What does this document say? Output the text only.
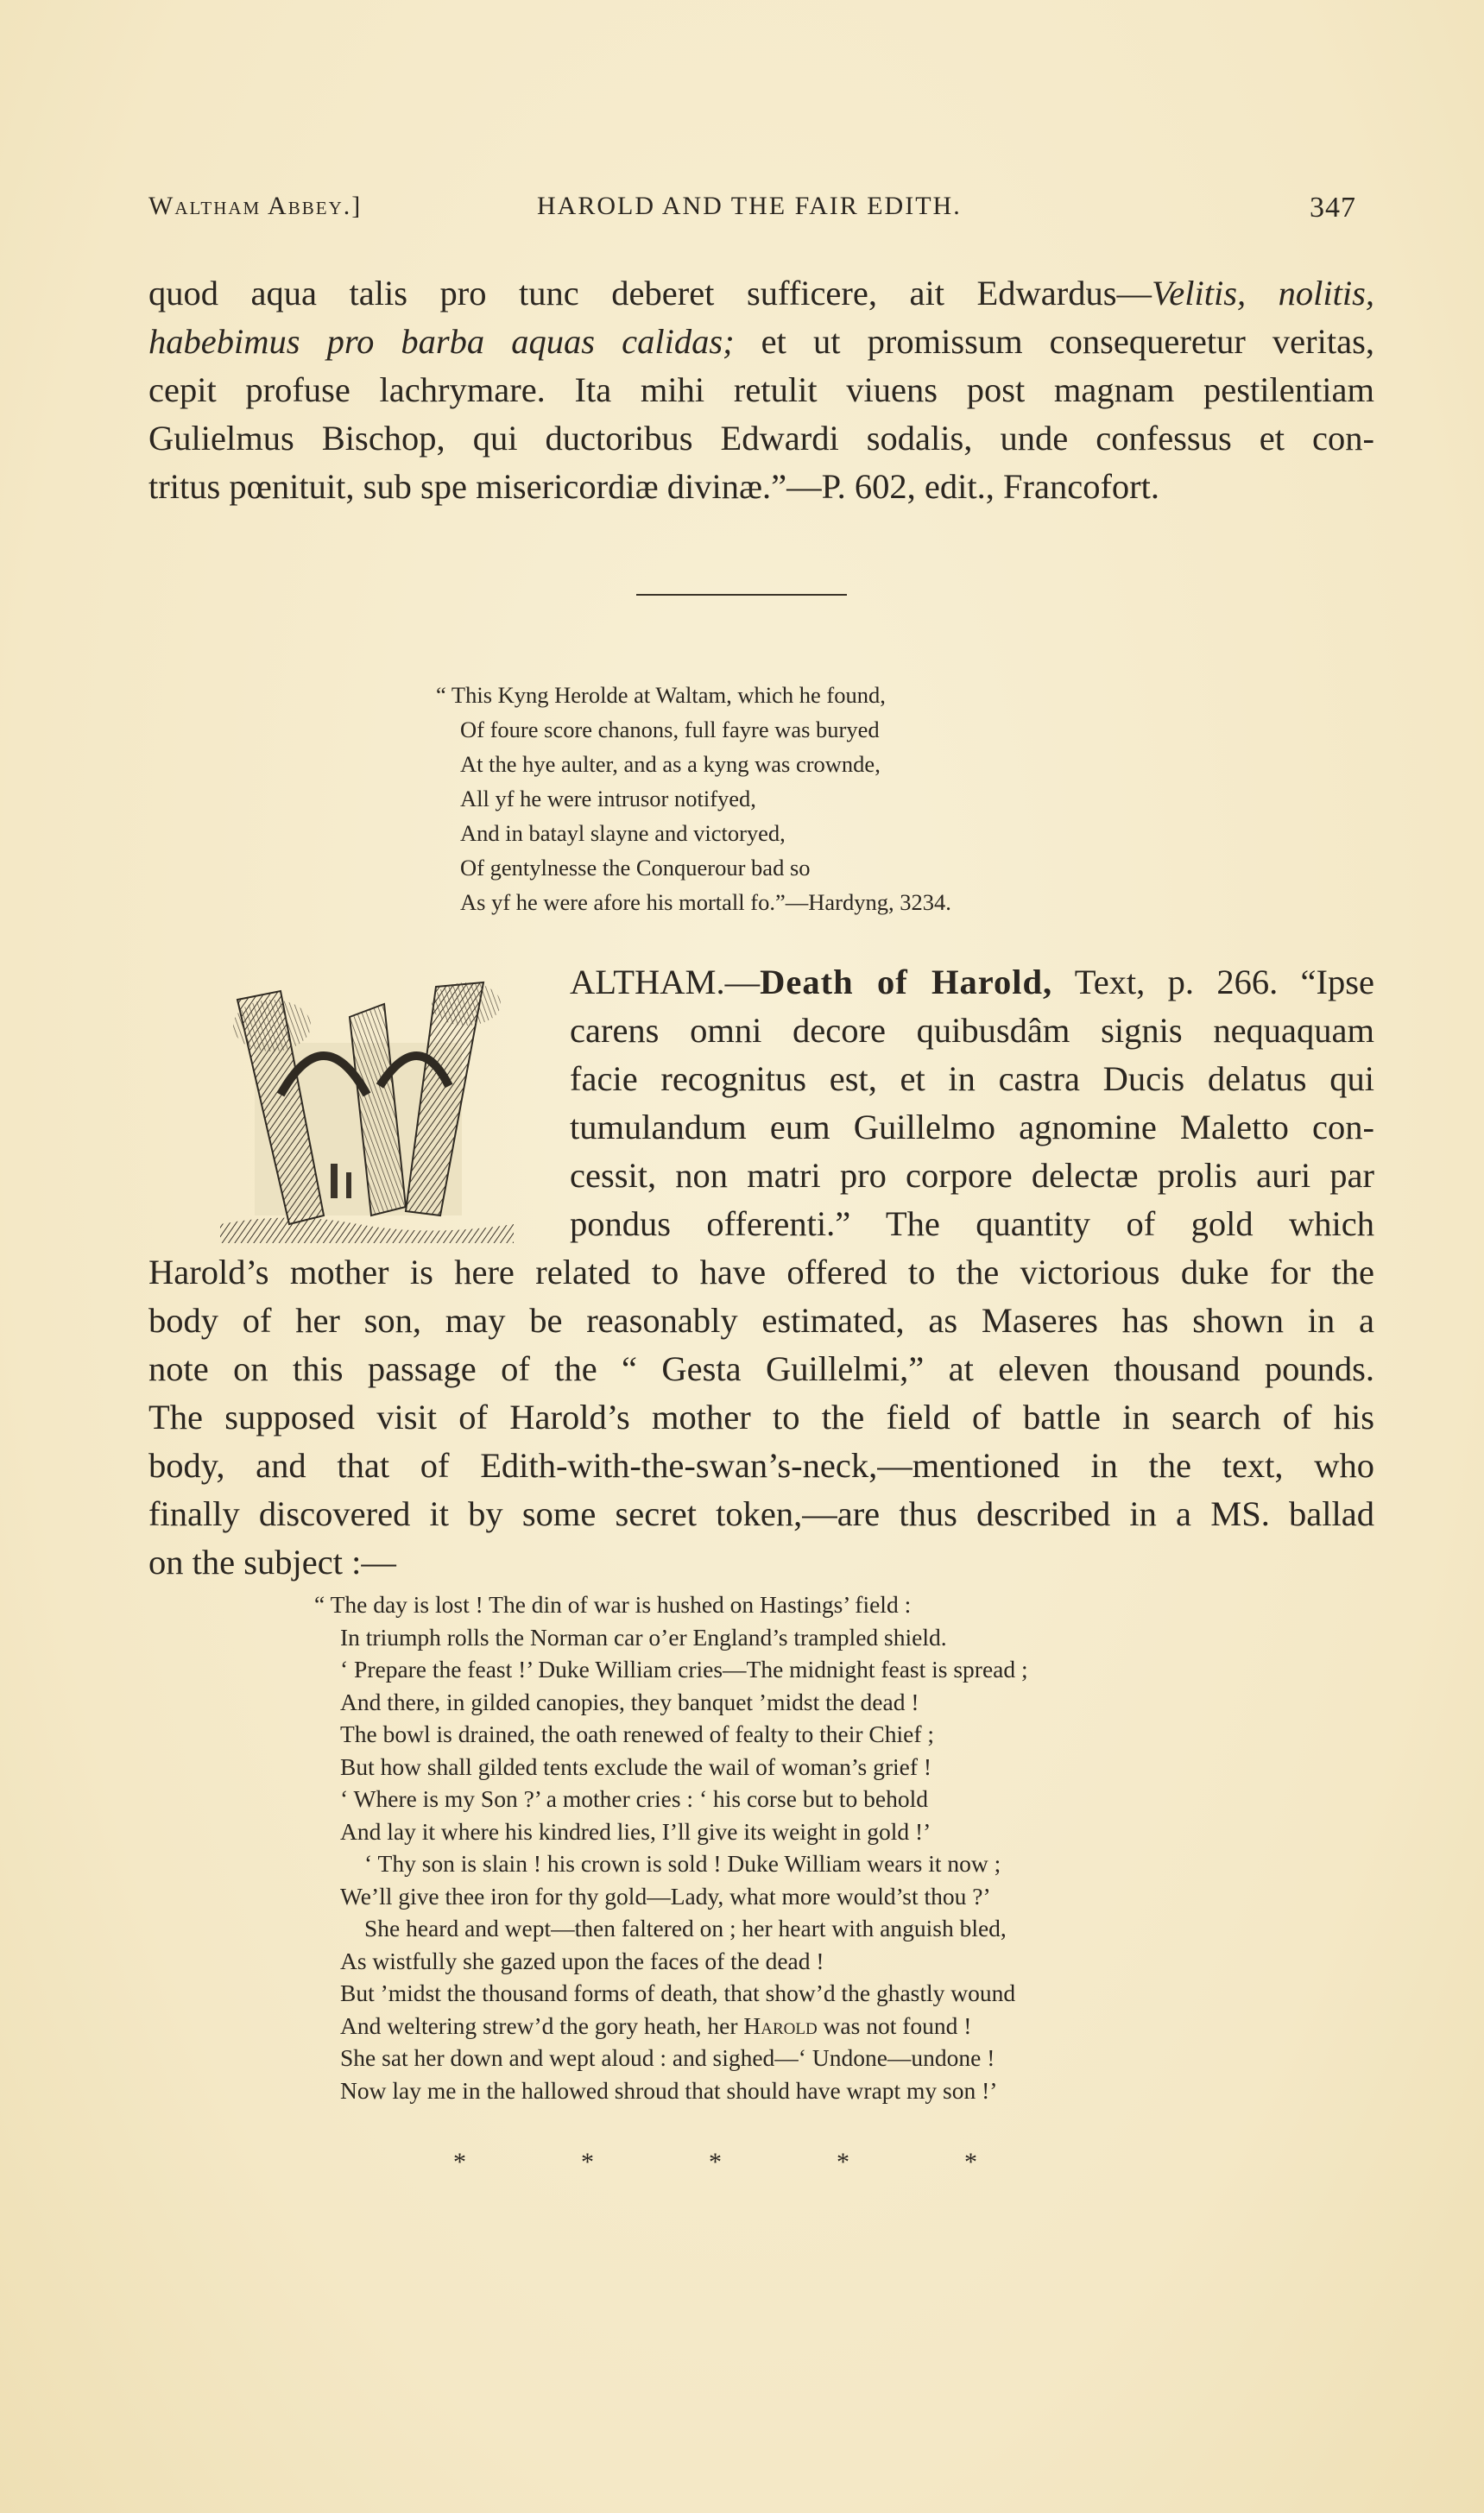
Waltham Abbey.]	HAROLD AND THE FAIR EDITH.	347
quod aqua talis pro tunc deberet sufficere, ait Edwardus—Velitis, nolitis,
habebimus pro barba aquas calidas; et ut promissum consequeretur veritas,
cepit profuse lachrymare. Ita mihi retulit viuens post magnam pestilentiam
Gulielmus Bischop, qui ductoribus Edwardi sodalis, unde confessus et con-
tritus pœnituit, sub spe misericordiæ divinæ.”—P. 602, edit., Francofort.
“ This Kyng Herolde at Waltam, which he found,
Of foure score chanons, full fayre was buryed
At the hye aulter, and as a kyng was crownde,
All yf he were intrusor notifyed,
And in batayl slayne and victoryed,
Of gentylnesse the Conquerour bad so
As yf he were afore his mortall fo.”—Hardyng, 3234.
ALTHAM.—Death of Harold, Text, p. 266. “Ipse
carens omni decore quibusdâm signis nequaquam
facie recognitus est, et in castra Ducis delatus qui
tumulandum eum Guillelmo agnomine Maletto con-
cessit, non matri pro corpore delectæ prolis auri par
pondus offerenti.” The quantity of gold which
Harold’s mother is here related to have offered to the victorious duke for the
body of her son, may be reasonably estimated, as Maseres has shown in a
note on this passage of the “ Gesta Guillelmi,” at eleven thousand pounds.
The supposed visit of Harold’s mother to the field of battle in search of his
body, and that of Edith-with-the-swan’s-neck,—mentioned in the text, who
finally discovered it by some secret token,—are thus described in a MS. ballad
on the subject :—
“ The day is lost ! The din of war is hushed on Hastings’ field :
In triumph rolls the Norman car o’er England’s trampled shield.
‘ Prepare the feast !’ Duke William cries—The midnight feast is spread ;
And there, in gilded canopies, they banquet ’midst the dead !
The bowl is drained, the oath renewed of fealty to their Chief ;
But how shall gilded tents exclude the wail of woman’s grief !
‘ Where is my Son ?’ a mother cries : ‘ his corse but to behold
And lay it where his kindred lies, I’ll give its weight in gold !’
‘ Thy son is slain ! his crown is sold ! Duke William wears it now ;
We’ll give thee iron for thy gold—Lady, what more would’st thou ?’
She heard and wept—then faltered on ; her heart with anguish bled,
As wistfully she gazed upon the faces of the dead !
But ’midst the thousand forms of death, that show’d the ghastly wound
And weltering strew’d the gory heath, her Harold was not found !
She sat her down and wept aloud : and sighed—‘ Undone—undone !
Now lay me in the hallowed shroud that should have wrapt my son !’
*	*	*	*	*
